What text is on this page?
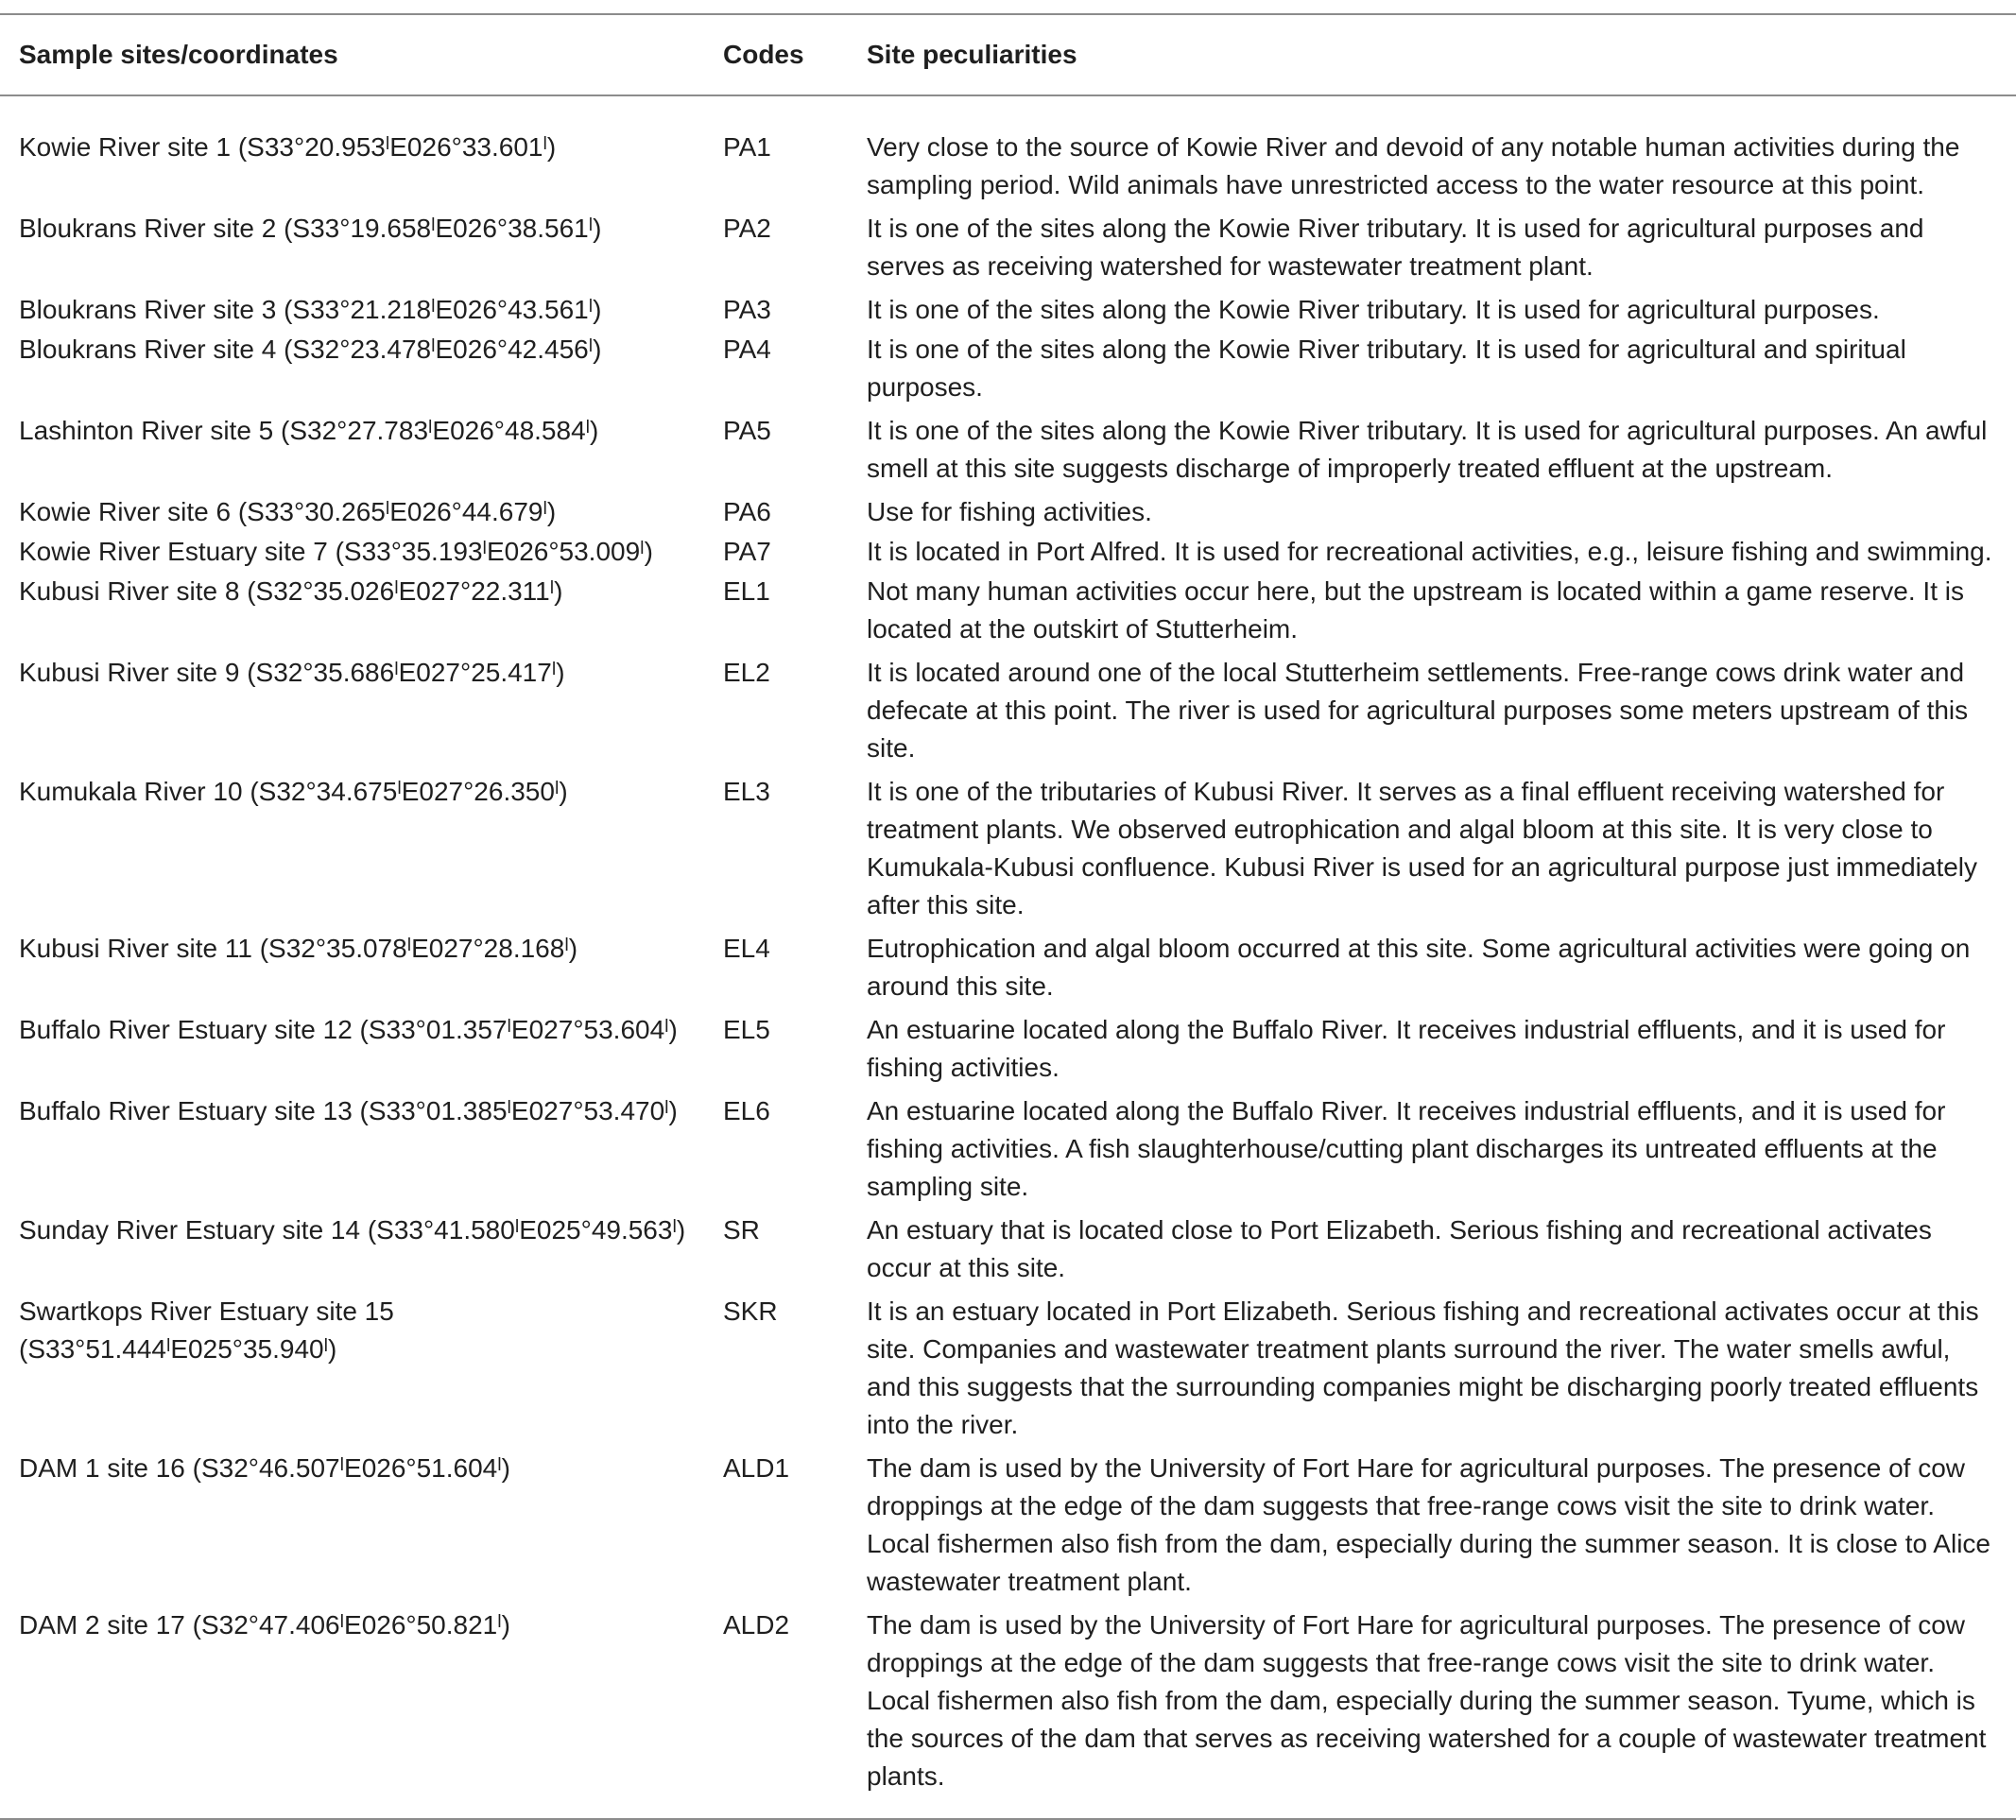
Sample sites/coordinates	Codes	Site peculiarities
Kowie River site 1 (S33°20.953ˡE026°33.601ˡ)	PA1	Very close to the source of Kowie River and devoid of any notable human activities during the sampling period. Wild animals have unrestricted access to the water resource at this point.
Bloukrans River site 2 (S33°19.658ˡE026°38.561ˡ)	PA2	It is one of the sites along the Kowie River tributary. It is used for agricultural purposes and serves as receiving watershed for wastewater treatment plant.
Bloukrans River site 3 (S33°21.218ˡE026°43.561ˡ)	PA3	It is one of the sites along the Kowie River tributary. It is used for agricultural purposes.
Bloukrans River site 4 (S32°23.478ˡE026°42.456ˡ)	PA4	It is one of the sites along the Kowie River tributary. It is used for agricultural and spiritual purposes.
Lashinton River site 5 (S32°27.783ˡE026°48.584ˡ)	PA5	It is one of the sites along the Kowie River tributary. It is used for agricultural purposes. An awful smell at this site suggests discharge of improperly treated effluent at the upstream.
Kowie River site 6 (S33°30.265ˡE026°44.679ˡ)	PA6	Use for fishing activities.
Kowie River Estuary site 7 (S33°35.193ˡE026°53.009ˡ)	PA7	It is located in Port Alfred. It is used for recreational activities, e.g., leisure fishing and swimming.
Kubusi River site 8 (S32°35.026ˡE027°22.311ˡ)	EL1	Not many human activities occur here, but the upstream is located within a game reserve. It is located at the outskirt of Stutterheim.
Kubusi River site 9 (S32°35.686ˡE027°25.417ˡ)	EL2	It is located around one of the local Stutterheim settlements. Free-range cows drink water and defecate at this point. The river is used for agricultural purposes some meters upstream of this site.
Kumukala River 10 (S32°34.675ˡE027°26.350ˡ)	EL3	It is one of the tributaries of Kubusi River. It serves as a final effluent receiving watershed for treatment plants. We observed eutrophication and algal bloom at this site. It is very close to Kumukala-Kubusi confluence. Kubusi River is used for an agricultural purpose just immediately after this site.
Kubusi River site 11 (S32°35.078ˡE027°28.168ˡ)	EL4	Eutrophication and algal bloom occurred at this site. Some agricultural activities were going on around this site.
Buffalo River Estuary site 12 (S33°01.357ˡE027°53.604ˡ)	EL5	An estuarine located along the Buffalo River. It receives industrial effluents, and it is used for fishing activities.
Buffalo River Estuary site 13 (S33°01.385ˡE027°53.470ˡ)	EL6	An estuarine located along the Buffalo River. It receives industrial effluents, and it is used for fishing activities. A fish slaughterhouse/cutting plant discharges its untreated effluents at the sampling site.
Sunday River Estuary site 14 (S33°41.580ˡE025°49.563ˡ)	SR	An estuary that is located close to Port Elizabeth. Serious fishing and recreational activates occur at this site.
Swartkops River Estuary site 15 (S33°51.444ˡE025°35.940ˡ)	SKR	It is an estuary located in Port Elizabeth. Serious fishing and recreational activates occur at this site. Companies and wastewater treatment plants surround the river. The water smells awful, and this suggests that the surrounding companies might be discharging poorly treated effluents into the river.
DAM 1 site 16 (S32°46.507ˡE026°51.604ˡ)	ALD1	The dam is used by the University of Fort Hare for agricultural purposes. The presence of cow droppings at the edge of the dam suggests that free-range cows visit the site to drink water. Local fishermen also fish from the dam, especially during the summer season. It is close to Alice wastewater treatment plant.
DAM 2 site 17 (S32°47.406ˡE026°50.821ˡ)	ALD2	The dam is used by the University of Fort Hare for agricultural purposes. The presence of cow droppings at the edge of the dam suggests that free-range cows visit the site to drink water. Local fishermen also fish from the dam, especially during the summer season. Tyume, which is the sources of the dam that serves as receiving watershed for a couple of wastewater treatment plants.
